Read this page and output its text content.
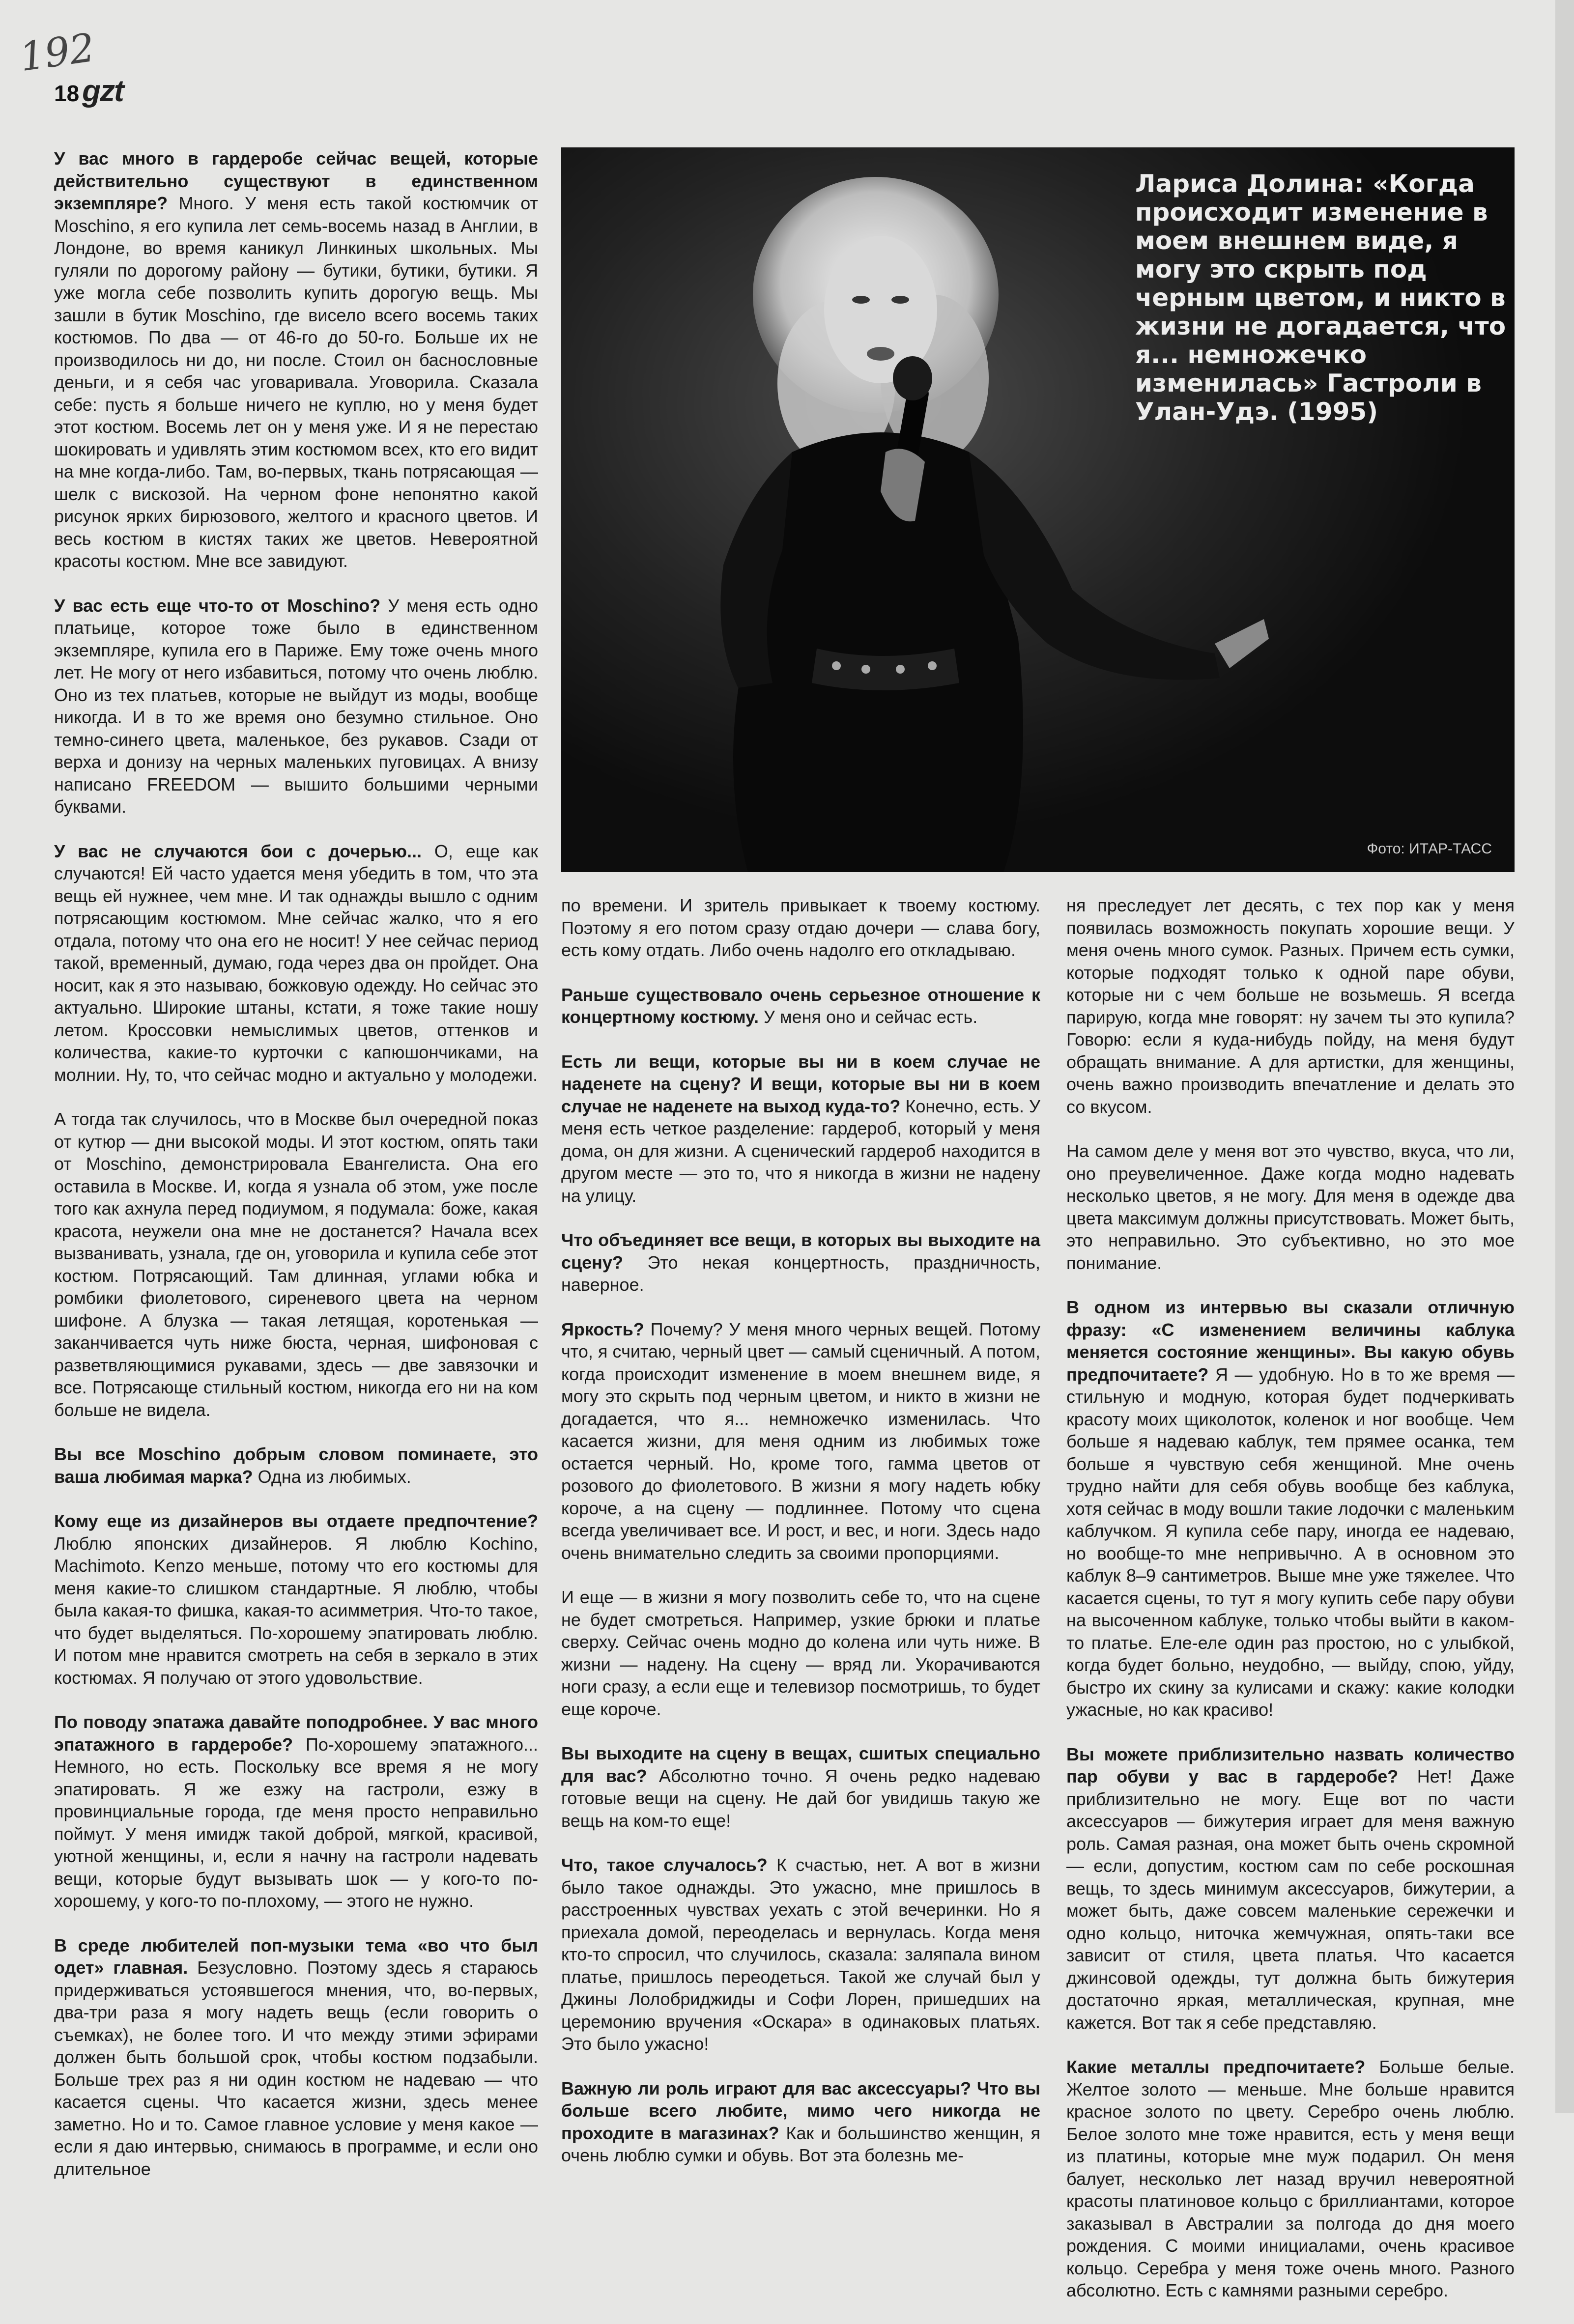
192
18 gzt

У вас много в гардеробе сейчас вещей, которые действительно существуют в единственном экземпляре? Много. У меня есть такой костюмчик от Moschino, я его купила лет семь-восемь назад в Англии, в Лондоне, во время каникул Линкиных школьных. Мы гуляли по дорогому району — бутики, бутики, бутики. Я уже могла себе позволить купить дорогую вещь. Мы зашли в бутик Moschino, где висело всего восемь таких костюмов. По два — от 46-го до 50-го. Больше их не производилось ни до, ни после. Стоил он баснословные деньги, и я себя час уговаривала. Уговорила. Сказала себе: пусть я больше ничего не куплю, но у меня будет этот костюм. Восемь лет он у меня уже. И я не перестаю шокировать и удивлять этим костюмом всех, кто его видит на мне когда-либо. Там, во-первых, ткань потрясающая — шелк с вискозой. На черном фоне непонятно какой рисунок ярких бирюзового, желтого и красного цветов. И весь костюм в кистях таких же цветов. Невероятной красоты костюм. Мне все завидуют.

У вас есть еще что-то от Moschino? У меня есть одно платьице, которое тоже было в единственном экземпляре, купила его в Париже. Ему тоже очень много лет. Не могу от него избавиться, потому что очень люблю. Оно из тех платьев, которые не выйдут из моды, вообще никогда. И в то же время оно безумно стильное. Оно темно-синего цвета, маленькое, без рукавов. Сзади от верха и донизу на черных маленьких пуговицах. А внизу написано FREEDOM — вышито большими черными буквами.

У вас не случаются бои с дочерью... О, еще как случаются! Ей часто удается меня убедить в том, что эта вещь ей нужнее, чем мне. И так однажды вышло с одним потрясающим костюмом. Мне сейчас жалко, что я его отдала, потому что она его не носит! У нее сейчас период такой, временный, думаю, года через два он пройдет. Она носит, как я это называю, божковую одежду. Но сейчас это актуально. Широкие штаны, кстати, я тоже такие ношу летом. Кроссовки немыслимых цветов, оттенков и количества, какие-то курточки с капюшончиками, на молнии. Ну, то, что сейчас модно и актуально у молодежи.

А тогда так случилось, что в Москве был очередной показ от кутюр — дни высокой моды. И этот костюм, опять таки от Moschino, демонстрировала Евангелиста. Она его оставила в Москве. И, когда я узнала об этом, уже после того как ахнула перед подиумом, я подумала: боже, какая красота, неужели она мне не достанется? Начала всех вызванивать, узнала, где он, уговорила и купила себе этот костюм. Потрясающий. Там длинная, углами юбка и ромбики фиолетового, сиреневого цвета на черном шифоне. А блузка — такая летящая, коротенькая — заканчивается чуть ниже бюста, черная, шифоновая с разветвляющимися рукавами, здесь — две завязочки и все. Потрясающе стильный костюм, никогда его ни на ком больше не видела.

Вы все Moschino добрым словом поминаете, это ваша любимая марка? Одна из любимых.

Кому еще из дизайнеров вы отдаете предпочтение? Люблю японских дизайнеров. Я люблю Kochino, Machimoto. Kenzo меньше, потому что его костюмы для меня какие-то слишком стандартные. Я люблю, чтобы была какая-то фишка, какая-то асимметрия. Что-то такое, что будет выделяться. По-хорошему эпатировать люблю. И потом мне нравится смотреть на себя в зеркало в этих костюмах. Я получаю от этого удовольствие.

По поводу эпатажа давайте поподробнее. У вас много эпатажного в гардеробе? По-хорошему эпатажного... Немного, но есть. Поскольку все время я не могу эпатировать. Я же езжу на гастроли, езжу в провинциальные города, где меня просто неправильно поймут. У меня имидж такой доброй, мягкой, красивой, уютной женщины, и, если я начну на гастроли надевать вещи, которые будут вызывать шок — у кого-то по-хорошему, у кого-то по-плохому, — этого не нужно.

В среде любителей поп-музыки тема «во что был одет» главная. Безусловно. Поэтому здесь я стараюсь придерживаться устоявшегося мнения, что, во-первых, два-три раза я могу надеть вещь (если говорить о съемках), не более того. И что между этими эфирами должен быть большой срок, чтобы костюм подзабыли. Больше трех раз я ни один костюм не надеваю — что касается сцены. Что касается жизни, здесь менее заметно. Но и то. Самое главное условие у меня какое — если я даю интервью, снимаюсь в программе, и если оно длительное

Фото: ИТАР-ТАСС
Лариса Долина: «Когда происходит изменение в моем внешнем виде, я могу это скрыть под черным цветом, и никто в жизни не догадается, что я... немножечко изменилась» Гастроли в Улан-Удэ. (1995)

по времени. И зритель привыкает к твоему костюму. Поэтому я его потом сразу отдаю дочери — слава богу, есть кому отдать. Либо очень надолго его откладываю.

Раньше существовало очень серьезное отношение к концертному костюму. У меня оно и сейчас есть.

Есть ли вещи, которые вы ни в коем случае не наденете на сцену? И вещи, которые вы ни в коем случае не наденете на выход куда-то? Конечно, есть. У меня есть четкое разделение: гардероб, который у меня дома, он для жизни. А сценический гардероб находится в другом месте — это то, что я никогда в жизни не надену на улицу.

Что объединяет все вещи, в которых вы выходите на сцену? Это некая концертность, праздничность, наверное.

Яркость? Почему? У меня много черных вещей. Потому что, я считаю, черный цвет — самый сценичный. А потом, когда происходит изменение в моем внешнем виде, я могу это скрыть под черным цветом, и никто в жизни не догадается, что я... немножечко изменилась. Что касается жизни, для меня одним из любимых тоже остается черный. Но, кроме того, гамма цветов от розового до фиолетового. В жизни я могу надеть юбку короче, а на сцену — подлиннее. Потому что сцена всегда увеличивает все. И рост, и вес, и ноги. Здесь надо очень внимательно следить за своими пропорциями.

И еще — в жизни я могу позволить себе то, что на сцене не будет смотреться. Например, узкие брюки и платье сверху. Сейчас очень модно до колена или чуть ниже. В жизни — надену. На сцену — вряд ли. Укорачиваются ноги сразу, а если еще и телевизор посмотришь, то будет еще короче.

Вы выходите на сцену в вещах, сшитых специально для вас? Абсолютно точно. Я очень редко надеваю готовые вещи на сцену. Не дай бог увидишь такую же вещь на ком-то еще!

Что, такое случалось? К счастью, нет. А вот в жизни было такое однажды. Это ужасно, мне пришлось в расстроенных чувствах уехать с этой вечеринки. Но я приехала домой, переоделась и вернулась. Когда меня кто-то спросил, что случилось, сказала: заляпала вином платье, пришлось переодеться. Такой же случай был у Джины Лолобриджиды и Софи Лорен, пришедших на церемонию вручения «Оскара» в одинаковых платьях. Это было ужасно!

Важную ли роль играют для вас аксессуары? Что вы больше всего любите, мимо чего никогда не проходите в магазинах? Как и большинство женщин, я очень люблю сумки и обувь. Вот эта болезнь ме-

ня преследует лет десять, с тех пор как у меня появилась возможность покупать хорошие вещи. У меня очень много сумок. Разных. Причем есть сумки, которые подходят только к одной паре обуви, которые ни с чем больше не возьмешь. Я всегда парирую, когда мне говорят: ну зачем ты это купила? Говорю: если я куда-нибудь пойду, на меня будут обращать внимание. А для артистки, для женщины, очень важно производить впечатление и делать это со вкусом.

На самом деле у меня вот это чувство, вкуса, что ли, оно преувеличенное. Даже когда модно надевать несколько цветов, я не могу. Для меня в одежде два цвета максимум должны присутствовать. Может быть, это неправильно. Это субъективно, но это мое понимание.

В одном из интервью вы сказали отличную фразу: «С изменением величины каблука меняется состояние женщины». Вы какую обувь предпочитаете? Я — удобную. Но в то же время — стильную и модную, которая будет подчеркивать красоту моих щиколоток, коленок и ног вообще. Чем больше я надеваю каблук, тем прямее осанка, тем больше я чувствую себя женщиной. Мне очень трудно найти для себя обувь вообще без каблука, хотя сейчас в моду вошли такие лодочки с маленьким каблучком. Я купила себе пару, иногда ее надеваю, но вообще-то мне непривычно. А в основном это каблук 8–9 сантиметров. Выше мне уже тяжелее. Что касается сцены, то тут я могу купить себе пару обуви на высоченном каблуке, только чтобы выйти в каком-то платье. Еле-еле один раз простою, но с улыбкой, когда будет больно, неудобно, — выйду, спою, уйду, быстро их скину за кулисами и скажу: какие колодки ужасные, но как красиво!

Вы можете приблизительно назвать количество пар обуви у вас в гардеробе? Нет! Даже приблизительно не могу. Еще вот по части аксессуаров — бижутерия играет для меня важную роль. Самая разная, она может быть очень скромной — если, допустим, костюм сам по себе роскошная вещь, то здесь минимум аксессуаров, бижутерии, а может быть, даже совсем маленькие сережечки и одно кольцо, ниточка жемчужная, опять-таки все зависит от стиля, цвета платья. Что касается джинсовой одежды, тут должна быть бижутерия достаточно яркая, металлическая, крупная, мне кажется. Вот так я себе представляю.

Какие металлы предпочитаете? Больше белые. Желтое золото — меньше. Мне больше нравится красное золото по цвету. Серебро очень люблю. Белое золото мне тоже нравится, есть у меня вещи из платины, которые мне муж подарил. Он меня балует, несколько лет назад вручил невероятной красоты платиновое кольцо с бриллиантами, которое заказывал в Австралии за полгода до дня моего рождения. С моими инициалами, очень красивое кольцо. Серебра у меня тоже очень много. Разного абсолютно. Есть с камнями разными серебро.
